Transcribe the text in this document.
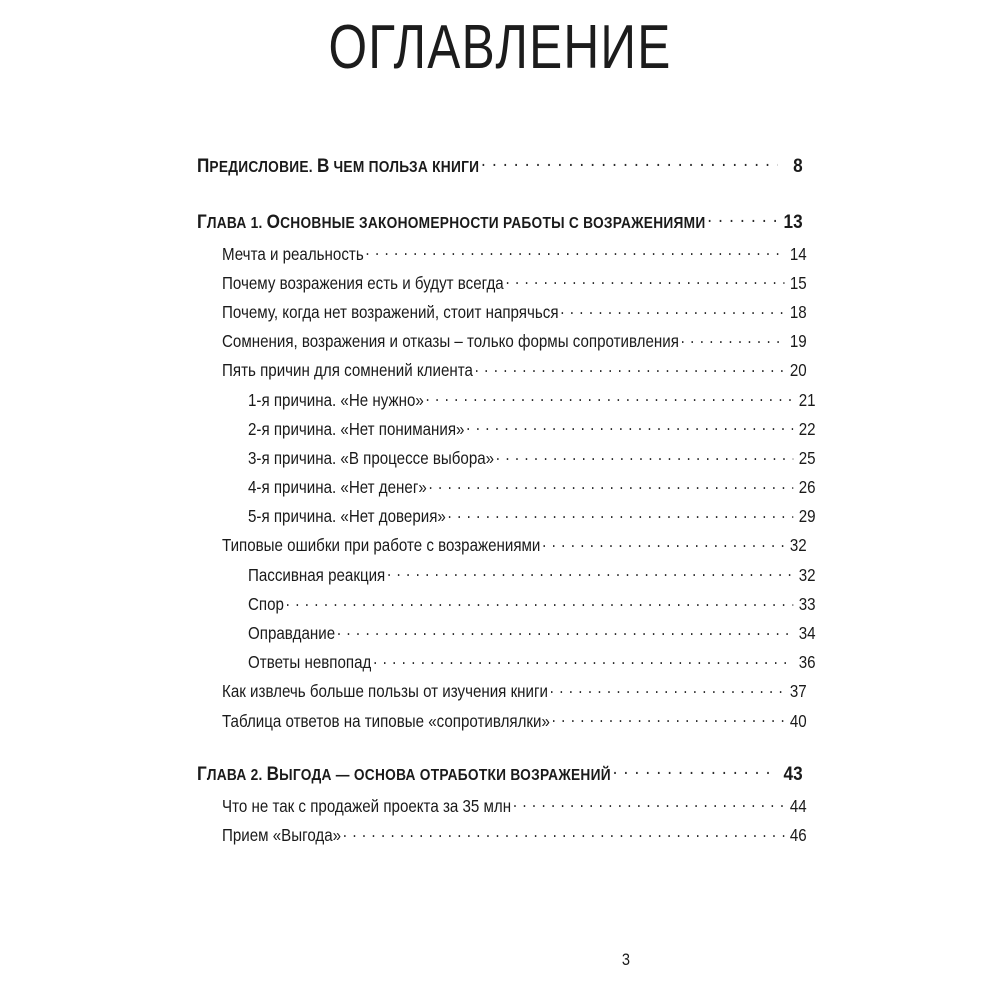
ОГЛАВЛЕНИЕ
ПРЕДИСЛОВИЕ. В ЧЕМ ПОЛЬЗА КНИГИ .....	8
ГЛАВА 1. ОСНОВНЫЕ ЗАКОНОМЕРНОСТИ РАБОТЫ С ВОЗРАЖЕНИЯМИ .....	13
Мечта и реальность .....	14
Почему возражения есть и будут всегда .....	15
Почему, когда нет возражений, стоит напрячься .....	18
Сомнения, возражения и отказы – только формы сопротивления .....	19
Пять причин для сомнений клиента .....	20
1-я причина. «Не нужно» .....	21
2-я причина. «Нет понимания» .....	22
3-я причина. «В процессе выбора» .....	25
4-я причина. «Нет денег» .....	26
5-я причина. «Нет доверия» .....	29
Типовые ошибки при работе с возражениями .....	32
Пассивная реакция .....	32
Спор .....	33
Оправдание .....	34
Ответы невпопад .....	36
Как извлечь больше пользы от изучения книги .....	37
Таблица ответов на типовые «сопротивлялки» .....	40
ГЛАВА 2. ВЫГОДА — ОСНОВА ОТРАБОТКИ ВОЗРАЖЕНИЙ .....	43
Что не так с продажей проекта за 35 млн .....	44
Прием «Выгода» .....	46
3
